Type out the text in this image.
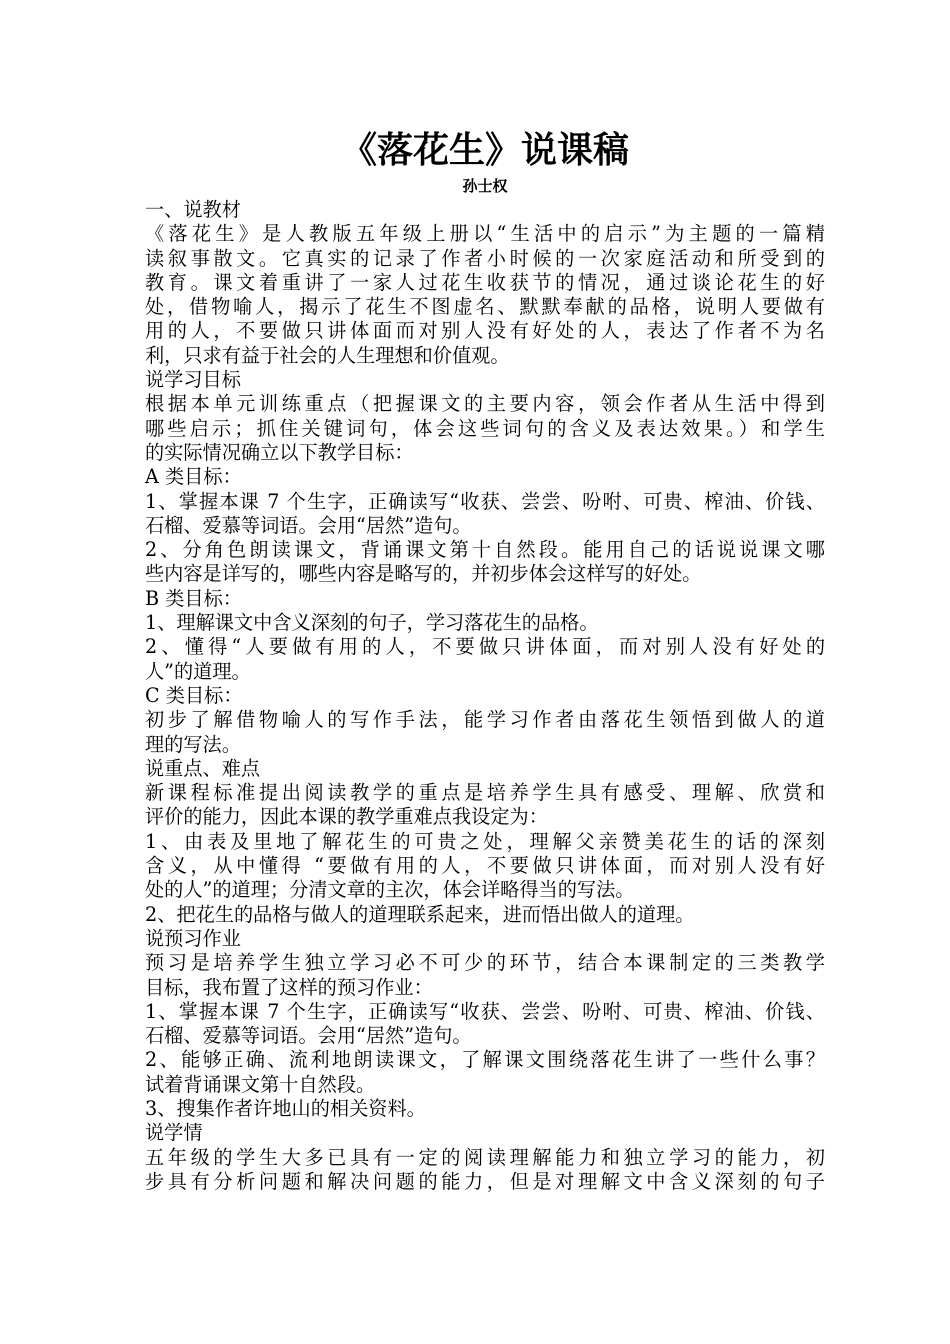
《落花生》说课稿
孙士权
一、说教材
《落花生》是人教版五年级上册以“生活中的启示”为主题的一篇精
读叙事散文。它真实的记录了作者小时候的一次家庭活动和所受到的
教育。课文着重讲了一家人过花生收获节的情况，通过谈论花生的好
处，借物喻人，揭示了花生不图虚名、默默奉献的品格，说明人要做有
用的人，不要做只讲体面而对别人没有好处的人，表达了作者不为名
利，只求有益于社会的人生理想和价值观。
说学习目标
根据本单元训练重点（把握课文的主要内容，领会作者从生活中得到
哪些启示；抓住关键词句，体会这些词句的含义及表达效果。）和学生
的实际情况确立以下教学目标：
A 类目标：
1、掌握本课 7 个生字，正确读写“收获、尝尝、吩咐、可贵、榨油、价钱、
石榴、爱慕等词语。会用“居然”造句。
2、分角色朗读课文，背诵课文第十自然段。能用自己的话说说课文哪
些内容是详写的，哪些内容是略写的，并初步体会这样写的好处。
B 类目标：
1、理解课文中含义深刻的句子，学习落花生的品格。
2、懂得“人要做有用的人，不要做只讲体面，而对别人没有好处的
人”的道理。
C 类目标：
初步了解借物喻人的写作手法，能学习作者由落花生领悟到做人的道
理的写法。
说重点、难点
新课程标准提出阅读教学的重点是培养学生具有感受、理解、欣赏和
评价的能力，因此本课的教学重难点我设定为：
1、由表及里地了解花生的可贵之处，理解父亲赞美花生的话的深刻
含义，从中懂得 “要做有用的人，不要做只讲体面，而对别人没有好
处的人”的道理；分清文章的主次，体会详略得当的写法。
2、把花生的品格与做人的道理联系起来，进而悟出做人的道理。
说预习作业
预习是培养学生独立学习必不可少的环节，结合本课制定的三类教学
目标，我布置了这样的预习作业：
1、掌握本课 7 个生字，正确读写“收获、尝尝、吩咐、可贵、榨油、价钱、
石榴、爱慕等词语。会用“居然”造句。
2、能够正确、流利地朗读课文，了解课文围绕落花生讲了一些什么事？
试着背诵课文第十自然段。
3、搜集作者许地山的相关资料。
说学情
五年级的学生大多已具有一定的阅读理解能力和独立学习的能力，初
步具有分析问题和解决问题的能力，但是对理解文中含义深刻的句子
